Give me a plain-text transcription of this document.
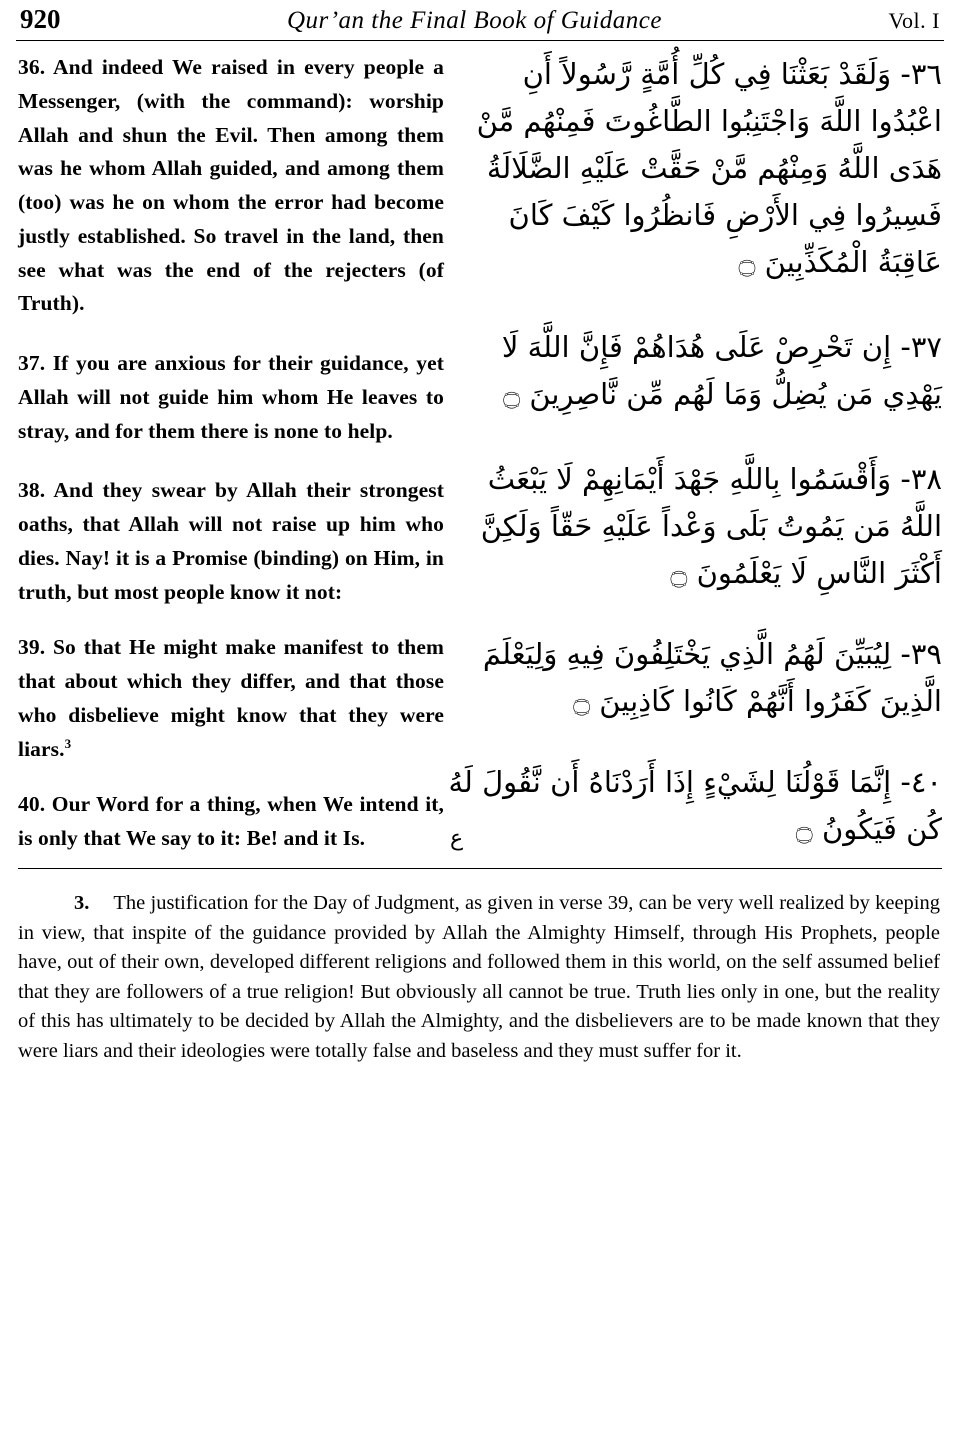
920	Qur’an the Final Book of Guidance	Vol. I

36. And indeed We raised in every people a Messenger, (with the command): worship Allah and shun the Evil. Then among them was he whom Allah guided, and among them (too) was he on whom the error had become justly established. So travel in the land, then see what was the end of the rejecters (of Truth).

37. If you are anxious for their guidance, yet Allah will not guide him whom He leaves to stray, and for them there is none to help.

38. And they swear by Allah their strongest oaths, that Allah will not raise up him who dies. Nay! it is a Promise (binding) on Him, in truth, but most people know it not:

39. So that He might make manifest to them that about which they differ, and that those who disbelieve might know that they were liars.$^3$

40. Our Word for a thing, when We intend it, is only that We say to it: Be! and it Is.

٣٦- وَلَقَدْ بَعَثْنَا فِي كُلِّ أُمَّةٍ رَّسُولاً أَنِ اعْبُدُوا اللَّهَ وَاجْتَنِبُوا الطَّاغُوتَ فَمِنْهُم مَّنْ هَدَى اللَّهُ وَمِنْهُم مَّنْ حَقَّتْ عَلَيْهِ الضَّلَالَةُ فَسِيرُوا فِي الأَرْضِ فَانظُرُوا كَيْفَ كَانَ عَاقِبَةُ الْمُكَذِّبِينَ ۝

٣٧- إِن تَحْرِصْ عَلَى هُدَاهُمْ فَإِنَّ اللَّهَ لَا يَهْدِي مَن يُضِلُّ وَمَا لَهُم مِّن نَّاصِرِينَ ۝

٣٨- وَأَقْسَمُوا بِاللَّهِ جَهْدَ أَيْمَانِهِمْ لَا يَبْعَثُ اللَّهُ مَن يَمُوتُ بَلَى وَعْداً عَلَيْهِ حَقّاً وَلَكِنَّ أَكْثَرَ النَّاسِ لَا يَعْلَمُونَ ۝

٣٩- لِيُبَيِّنَ لَهُمُ الَّذِي يَخْتَلِفُونَ فِيهِ وَلِيَعْلَمَ الَّذِينَ كَفَرُوا أَنَّهُمْ كَانُوا كَاذِبِينَ ۝

٤٠- إِنَّمَا قَوْلُنَا لِشَيْءٍ إِذَا أَرَدْنَاهُ أَن نَّقُولَ لَهُ كُن فَيَكُونُ ۝
ع

3. The justification for the Day of Judgment, as given in verse 39, can be very well realized by keeping in view, that inspite of the guidance provided by Allah the Almighty Himself, through His Prophets, people have, out of their own, developed different religions and followed them in this world, on the self assumed belief that they are followers of a true religion! But obviously all cannot be true. Truth lies only in one, but the reality of this has ultimately to be decided by Allah the Almighty, and the disbelievers are to be made known that they were liars and their ideologies were totally false and baseless and they must suffer for it.
